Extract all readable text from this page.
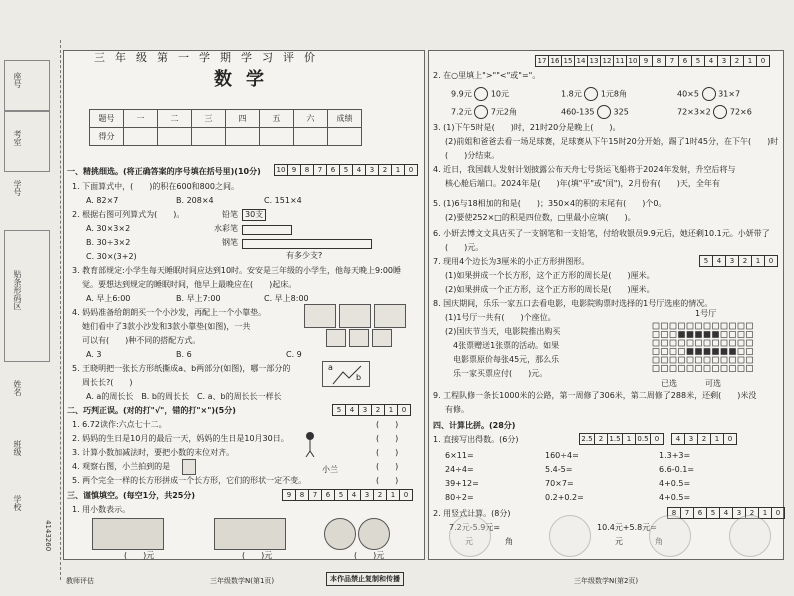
座号
考室
学号
贴条形码区
姓名
班级
学校
4143260
三年级第一学期学习评价
数学
题号	一	二	三	四	五	六	成绩
得分							
10 9	8	7	6	5	4	3	2	1	0
一、精挑细选。(将正确答案的序号填在括号里)(10分)
1. 下面算式中，(　　)的积在600和800之间。
A. 82×7	B. 208×4	C. 151×4
2. 根据右图可列算式为(　　)。
A. 30×3×2
B. 30÷3×2
C. 30×(3+2)
铅笔 30支
水彩笔
钢笔
有多少支?
3. 教育部规定:小学生每天睡眠时间应达到10时。安安是三年级的小学生，他每天晚上9:00睡
觉。要想达到规定的睡眠时间，他早上最晚应在(　　)起床。
A. 早上6:00	B. 早上7:00	C. 早上8:00
4. 妈妈准备给朗朗买一个小沙发，再配上一个小靠垫。
她们看中了3款小沙发和3款小靠垫(如图)，一共
可以有(　　)种不同的搭配方式。
A. 3	B. 6	C. 9
5. 王晓明把一张长方形纸撕成a、b两部分(如图)，哪一部分的
周长长?(　　)
A. a的周长长　B. b的周长长　C. a、b的周长长一样长
a
b
5	4	3	2	1	0
二、巧判正误。(对的打"√"，错的打"×")(5分)
1. 6.72读作:六点七十二。
2. 妈妈的生日是10月的最后一天，妈妈的生日是10月30日。
3. 计算小数加减法时，要把小数的末位对齐。
4. 观察右图，小兰拍到的是
5. 两个完全一样的长方形拼成一个长方形，它们的形状一定不变。
(　　)
(　　)
(　　)
(　　)
(　　)
小兰
9	8	7	6	5	4	3	2	1	0
三、谨慎填空。(每空1分，共25分)
1. 用小数表示。
(　　)元	(　　)元	(　　)元
17 16 15 14 13 12 11 10 9	8	7	6	5	4	3	2	1	0
2. 在○里填上">""<"或"="。
9.9元 10元	1.8元 1元8角	40×5 31×7
7.2元 7元2角	460-135 325	72×3×2 72×6
3. (1)下午5时是(　　)时，21时20分是晚上(　　)。
(2)前姐和爸爸去看一场足球赛，足球赛从下午15时20分开始，踢了1时45分，在下午(　　)时
(　　)分结束。
4. 近日，我国载人发射计划披露公布天舟七号货运飞船将于2024年发射，升空后将与
核心舱后端口。2024年是(　　)年(填"平"或"闰")，2月份有(　　)天，全年有
5. (1)6与18相加的和是(　　)；350×4的积的末尾有(　　)个0。
(2)要使252×□的积是四位数，□里最小应填(　　)。
6. 小妍去博文文具店买了一支钢笔和一支铅笔，付给收银员9.9元后，她还剩10.1元。小妍带了
(　　)元。
5	4	3	2	1	0
7. 现用4个边长为3厘米的小正方形拼图形。
(1)如果拼成一个长方形，这个正方形的周长是(　　)厘米。
(2)如果拼成一个正方形，这个正方形的周长是(　　)厘米。
8. 国庆期间，乐乐一家五口去看电影，电影院购票时选择的1号厅选座的情况。
(1)1号厅一共有(　　)个座位。
(2)国庆节当天，电影院推出购买
4张票赠送1张票的活动。如果
电影票原价每张45元，那么乐
乐一家买票应付(　　)元。
1号厅
已选	可选
9. 工程队修一条长1000米的公路，第一周修了306米，第二周修了288米，还剩(　　)米没
有修。
四、计算比拼。(28分)
2.5 2 1.5 1 0.5 0	4	3	2	1	0
1. 直接写出得数。(6分)
6×11=	160÷4=	1.3+3=
24÷4=	5.4-5=	6.6-0.1=
39+12=	70×7=	4+0.5=
80÷2=	0.2+0.2=	4+0.5=
8	7	6	5	4	3	2	1	0
2. 用竖式计算。(8分)
7.2元-5.9元=	10.4元+5.8元=
元	角	元	角
教师评估	三年级数学N(第1页)	本作品禁止复制和传播	三年级数学N(第2页)
